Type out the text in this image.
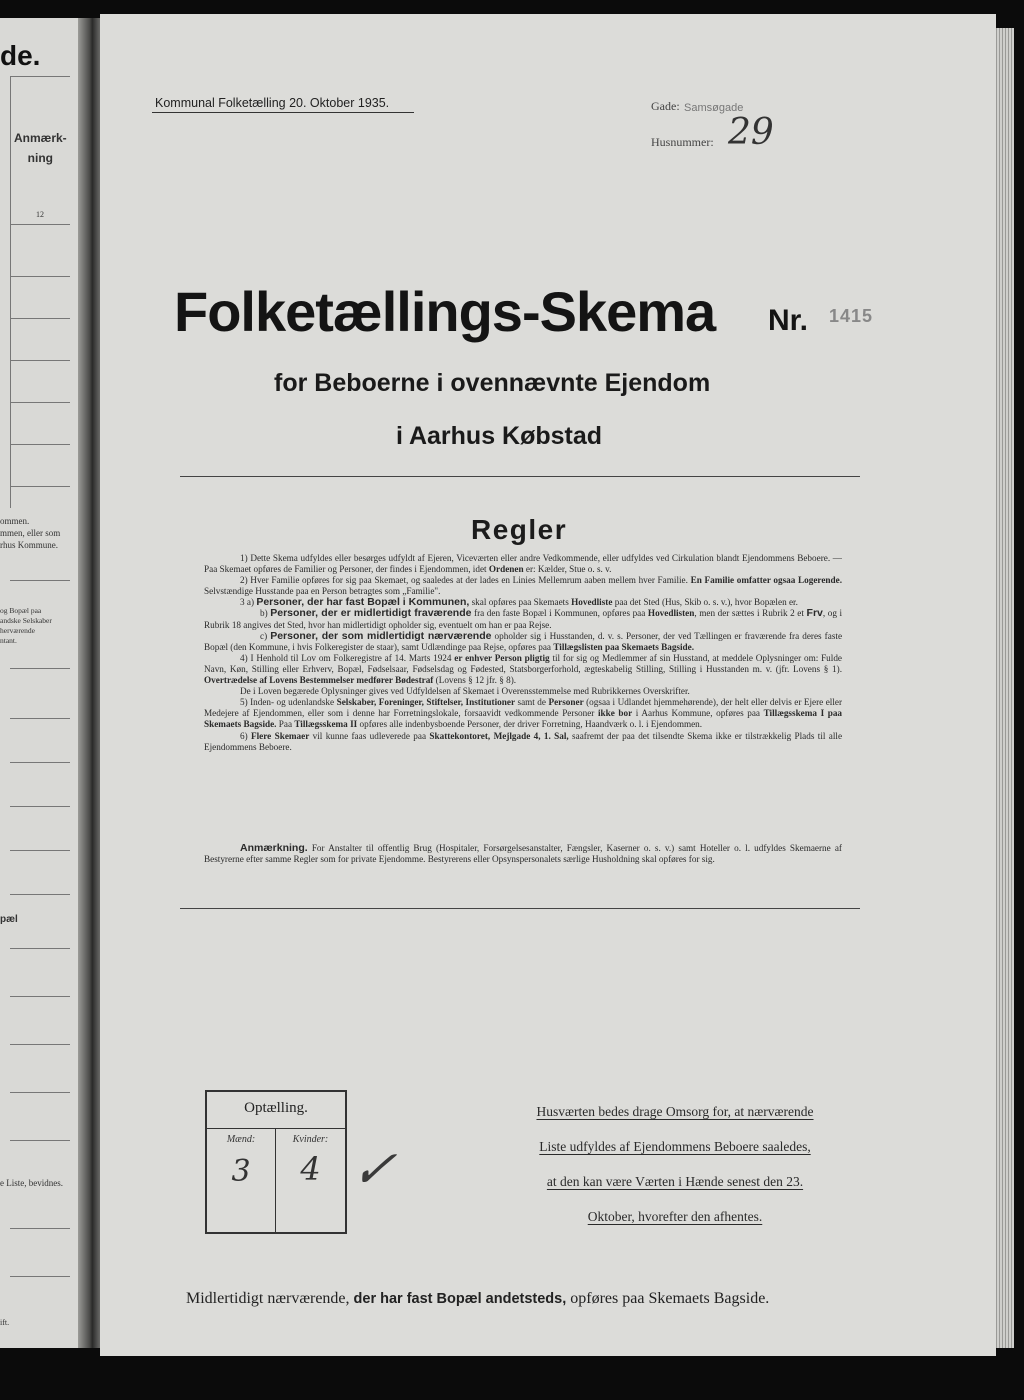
de.
Anmærk-
ning
12
ommen.
mmen, eller som
rhus Kommune.
og Bopæl paa
andske Selskaber
herværende
ntant.
pæl
e Liste, bevidnes.
ift.
Kommunal Folketælling 20. Oktober 1935.	Gade: Samsøgade
Husnummer: 29
Folketællings-Skema Nr. 1415
for Beboerne i ovennævnte Ejendom
i Aarhus Købstad
Regler

1) Dette Skema udfyldes eller besørges udfyldt af Ejeren, Viceværten eller andre Vedkommende, eller udfyldes ved Cirkulation blandt Ejendommens Beboere. — Paa Skemaet opføres de Familier og Personer, der findes i Ejendommen, idet Ordenen er: Kælder, Stue o. s. v.

2) Hver Familie opføres for sig paa Skemaet, og saaledes at der lades en Linies Mellemrum aaben mellem hver Familie. En Familie omfatter ogsaa Logerende. Selvstændige Husstande paa en Person betragtes som „Familie".

3 a) Personer, der har fast Bopæl i Kommunen, skal opføres paa Skemaets Hovedliste paa det Sted (Hus, Skib o. s. v.), hvor Bopælen er.

b) Personer, der er midlertidigt fraværende fra den faste Bopæl i Kommunen, opføres paa Hovedlisten, men der sættes i Rubrik 2 et Frv, og i Rubrik 18 angives det Sted, hvor han midlertidigt opholder sig, eventuelt om han er paa Rejse.

c) Personer, der som midlertidigt nærværende opholder sig i Husstanden, d. v. s. Personer, der ved Tællingen er fraværende fra deres faste Bopæl (den Kommune, i hvis Folkeregister de staar), samt Udlændinge paa Rejse, opføres paa Tillægslisten paa Skemaets Bagside.

4) I Henhold til Lov om Folkeregistre af 14. Marts 1924 er enhver Person pligtig til for sig og Medlemmer af sin Husstand, at meddele Oplysninger om: Fulde Navn, Køn, Stilling eller Erhverv, Bopæl, Fødselsaar, Fødselsdag og Fødested, Statsborgerforhold, ægteskabelig Stilling, Stilling i Husstanden m. v. (jfr. Lovens § 1). Overtrædelse af Lovens Bestemmelser medfører Bødestraf (Lovens § 12 jfr. § 8).

De i Loven begærede Oplysninger gives ved Udfyldelsen af Skemaet i Overensstemmelse med Rubrikkernes Overskrifter.

5) Inden- og udenlandske Selskaber, Foreninger, Stiftelser, Institutioner samt de Personer (ogsaa i Udlandet hjemmehørende), der helt eller delvis er Ejere eller Medejere af Ejendommen, eller som i denne har Forretningslokale, forsaavidt vedkommende Personer ikke bor i Aarhus Kommune, opføres paa Tillægsskema I paa Skemaets Bagside. Paa Tillægsskema II opføres alle indenbysboende Personer, der driver Forretning, Haandværk o. l. i Ejendommen.

6) Flere Skemaer vil kunne faas udleverede paa Skattekontoret, Mejlgade 4, 1. Sal, saafremt der paa det tilsendte Skema ikke er tilstrækkelig Plads til alle Ejendommens Beboere.

Anmærkning. For Anstalter til offentlig Brug (Hospitaler, Forsørgelsesanstalter, Fængsler, Kaserner o. s. v.) samt Hoteller o. l. udfyldes Skemaerne af Bestyrerne efter samme Regler som for private Ejendomme. Bestyrerens eller Opsynspersonalets særlige Husholdning skal opføres for sig.
Optælling.
Mænd:	Kvinder:
3	4 ✓
Husværten bedes drage Omsorg for, at nærværende
Liste udfyldes af Ejendommens Beboere saaledes,
at den kan være Værten i Hænde senest den 23.
Oktober, hvorefter den afhentes.
Midlertidigt nærværende, der har fast Bopæl andetsteds, opføres paa Skemaets Bagside.
